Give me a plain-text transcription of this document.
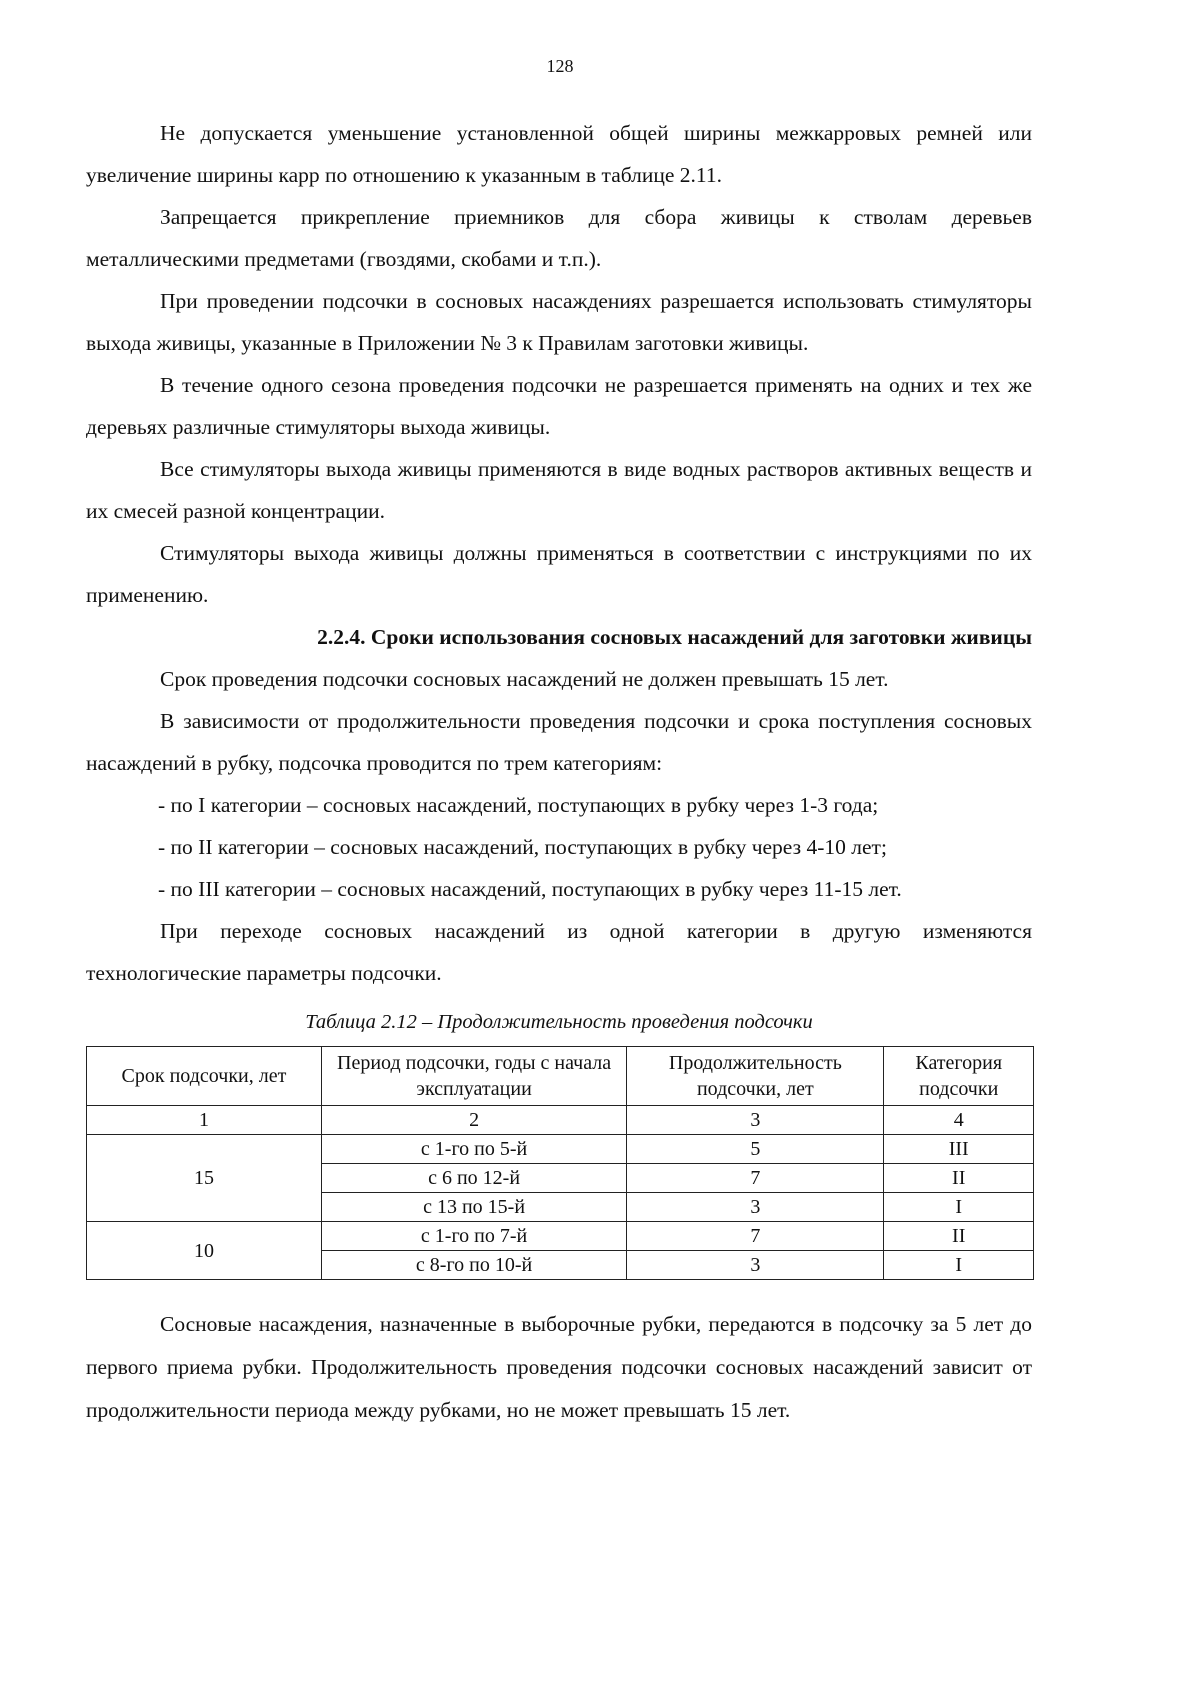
128

Не допускается уменьшение установленной общей ширины межкарровых ремней или увеличение ширины карр по отношению к указанным в таблице 2.11.

Запрещается прикрепление приемников для сбора живицы к стволам деревьев металлическими предметами (гвоздями, скобами и т.п.).

При проведении подсочки в сосновых насаждениях разрешается использовать стимуляторы выхода живицы, указанные в Приложении № 3 к Правилам заготовки живицы.

В течение одного сезона проведения подсочки не разрешается применять на одних и тех же деревьях различные стимуляторы выхода живицы.

Все стимуляторы выхода живицы применяются в виде водных растворов активных веществ и их смесей разной концентрации.

Стимуляторы выхода живицы должны применяться в соответствии с инструкциями по их применению.

2.2.4. Сроки использования сосновых насаждений для заготовки живицы

Срок проведения подсочки сосновых насаждений не должен превышать 15 лет.

В зависимости от продолжительности проведения подсочки и срока поступления сосновых насаждений в рубку, подсочка проводится по трем категориям:

- по I категории – сосновых насаждений, поступающих в рубку через 1-3 года;

- по II категории – сосновых насаждений, поступающих в рубку через 4-10 лет;

- по III категории – сосновых насаждений, поступающих в рубку через 11-15 лет.

При переходе сосновых насаждений из одной категории в другую изменяются технологические параметры подсочки.

Таблица 2.12 – Продолжительность проведения подсочки
Срок подсочки, лет	Период подсочки, годы с начала эксплуатации	Продолжительность подсочки, лет	Категория подсочки
1	2	3	4
15	с 1-го по 5-й	5	III
	с 6 по 12-й	7	II
	с 13 по 15-й	3	I
10	с 1-го по 7-й	7	II
	с 8-го по 10-й	3	I

Сосновые насаждения, назначенные в выборочные рубки, передаются в подсочку за 5 лет до первого приема рубки. Продолжительность проведения подсочки сосновых насаждений зависит от продолжительности периода между рубками, но не может превышать 15 лет.
